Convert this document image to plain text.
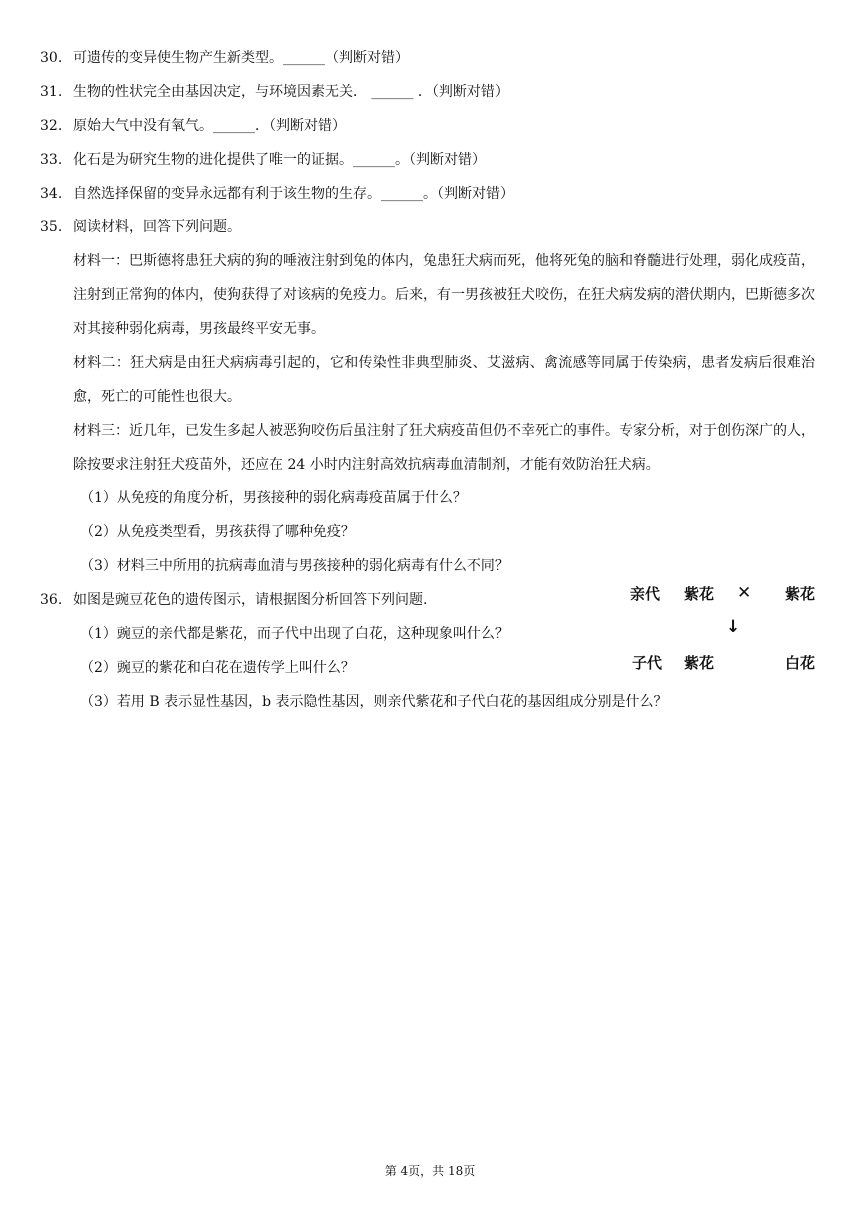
30. 可遗传的变异使生物产生新类型。______（判断对错）
31. 生物的性状完全由基因决定，与环境因素无关． ______ ．（判断对错）
32. 原始大气中没有氧气。______．（判断对错）
33. 化石是为研究生物的进化提供了唯一的证据。______。（判断对错）
34. 自然选择保留的变异永远都有利于该生物的生存。______。（判断对错）
35. 阅读材料，回答下列问题。
材料一：巴斯德将患狂犬病的狗的唾液注射到兔的体内，兔患狂犬病而死，他将死兔的脑和脊髓进行处理，弱化成疫苗，注射到正常狗的体内，使狗获得了对该病的免疫力。后来，有一男孩被狂犬咬伤，在狂犬病发病的潜伏期内，巴斯德多次对其接种弱化病毒，男孩最终平安无事。
材料二：狂犬病是由狂犬病病毒引起的，它和传染性非典型肺炎、艾滋病、禽流感等同属于传染病，患者发病后很难治愈，死亡的可能性也很大。
材料三：近几年，已发生多起人被恶狗咬伤后虽注射了狂犬病疫苗但仍不幸死亡的事件。专家分析，对于创伤深广的人，除按要求注射狂犬疫苗外，还应在 24 小时内注射高效抗病毒血清制剂，才能有效防治狂犬病。
（1）从免疫的角度分析，男孩接种的弱化病毒疫苗属于什么？
（2）从免疫类型看，男孩获得了哪种免疫？
（3）材料三中所用的抗病毒血清与男孩接种的弱化病毒有什么不同？
36. 如图是豌豆花色的遗传图示，请根据图分析回答下列问题.
（1）豌豆的亲代都是紫花，而子代中出现了白花，这种现象叫什么？
（2）豌豆的紫花和白花在遗传学上叫什么？
（3）若用 B 表示显性基因，b 表示隐性基因，则亲代紫花和子代白花的基因组成分别是什么？
亲代 紫花 ✕ 紫花
↓
子代 紫花	白花
第 4页，共 18页
